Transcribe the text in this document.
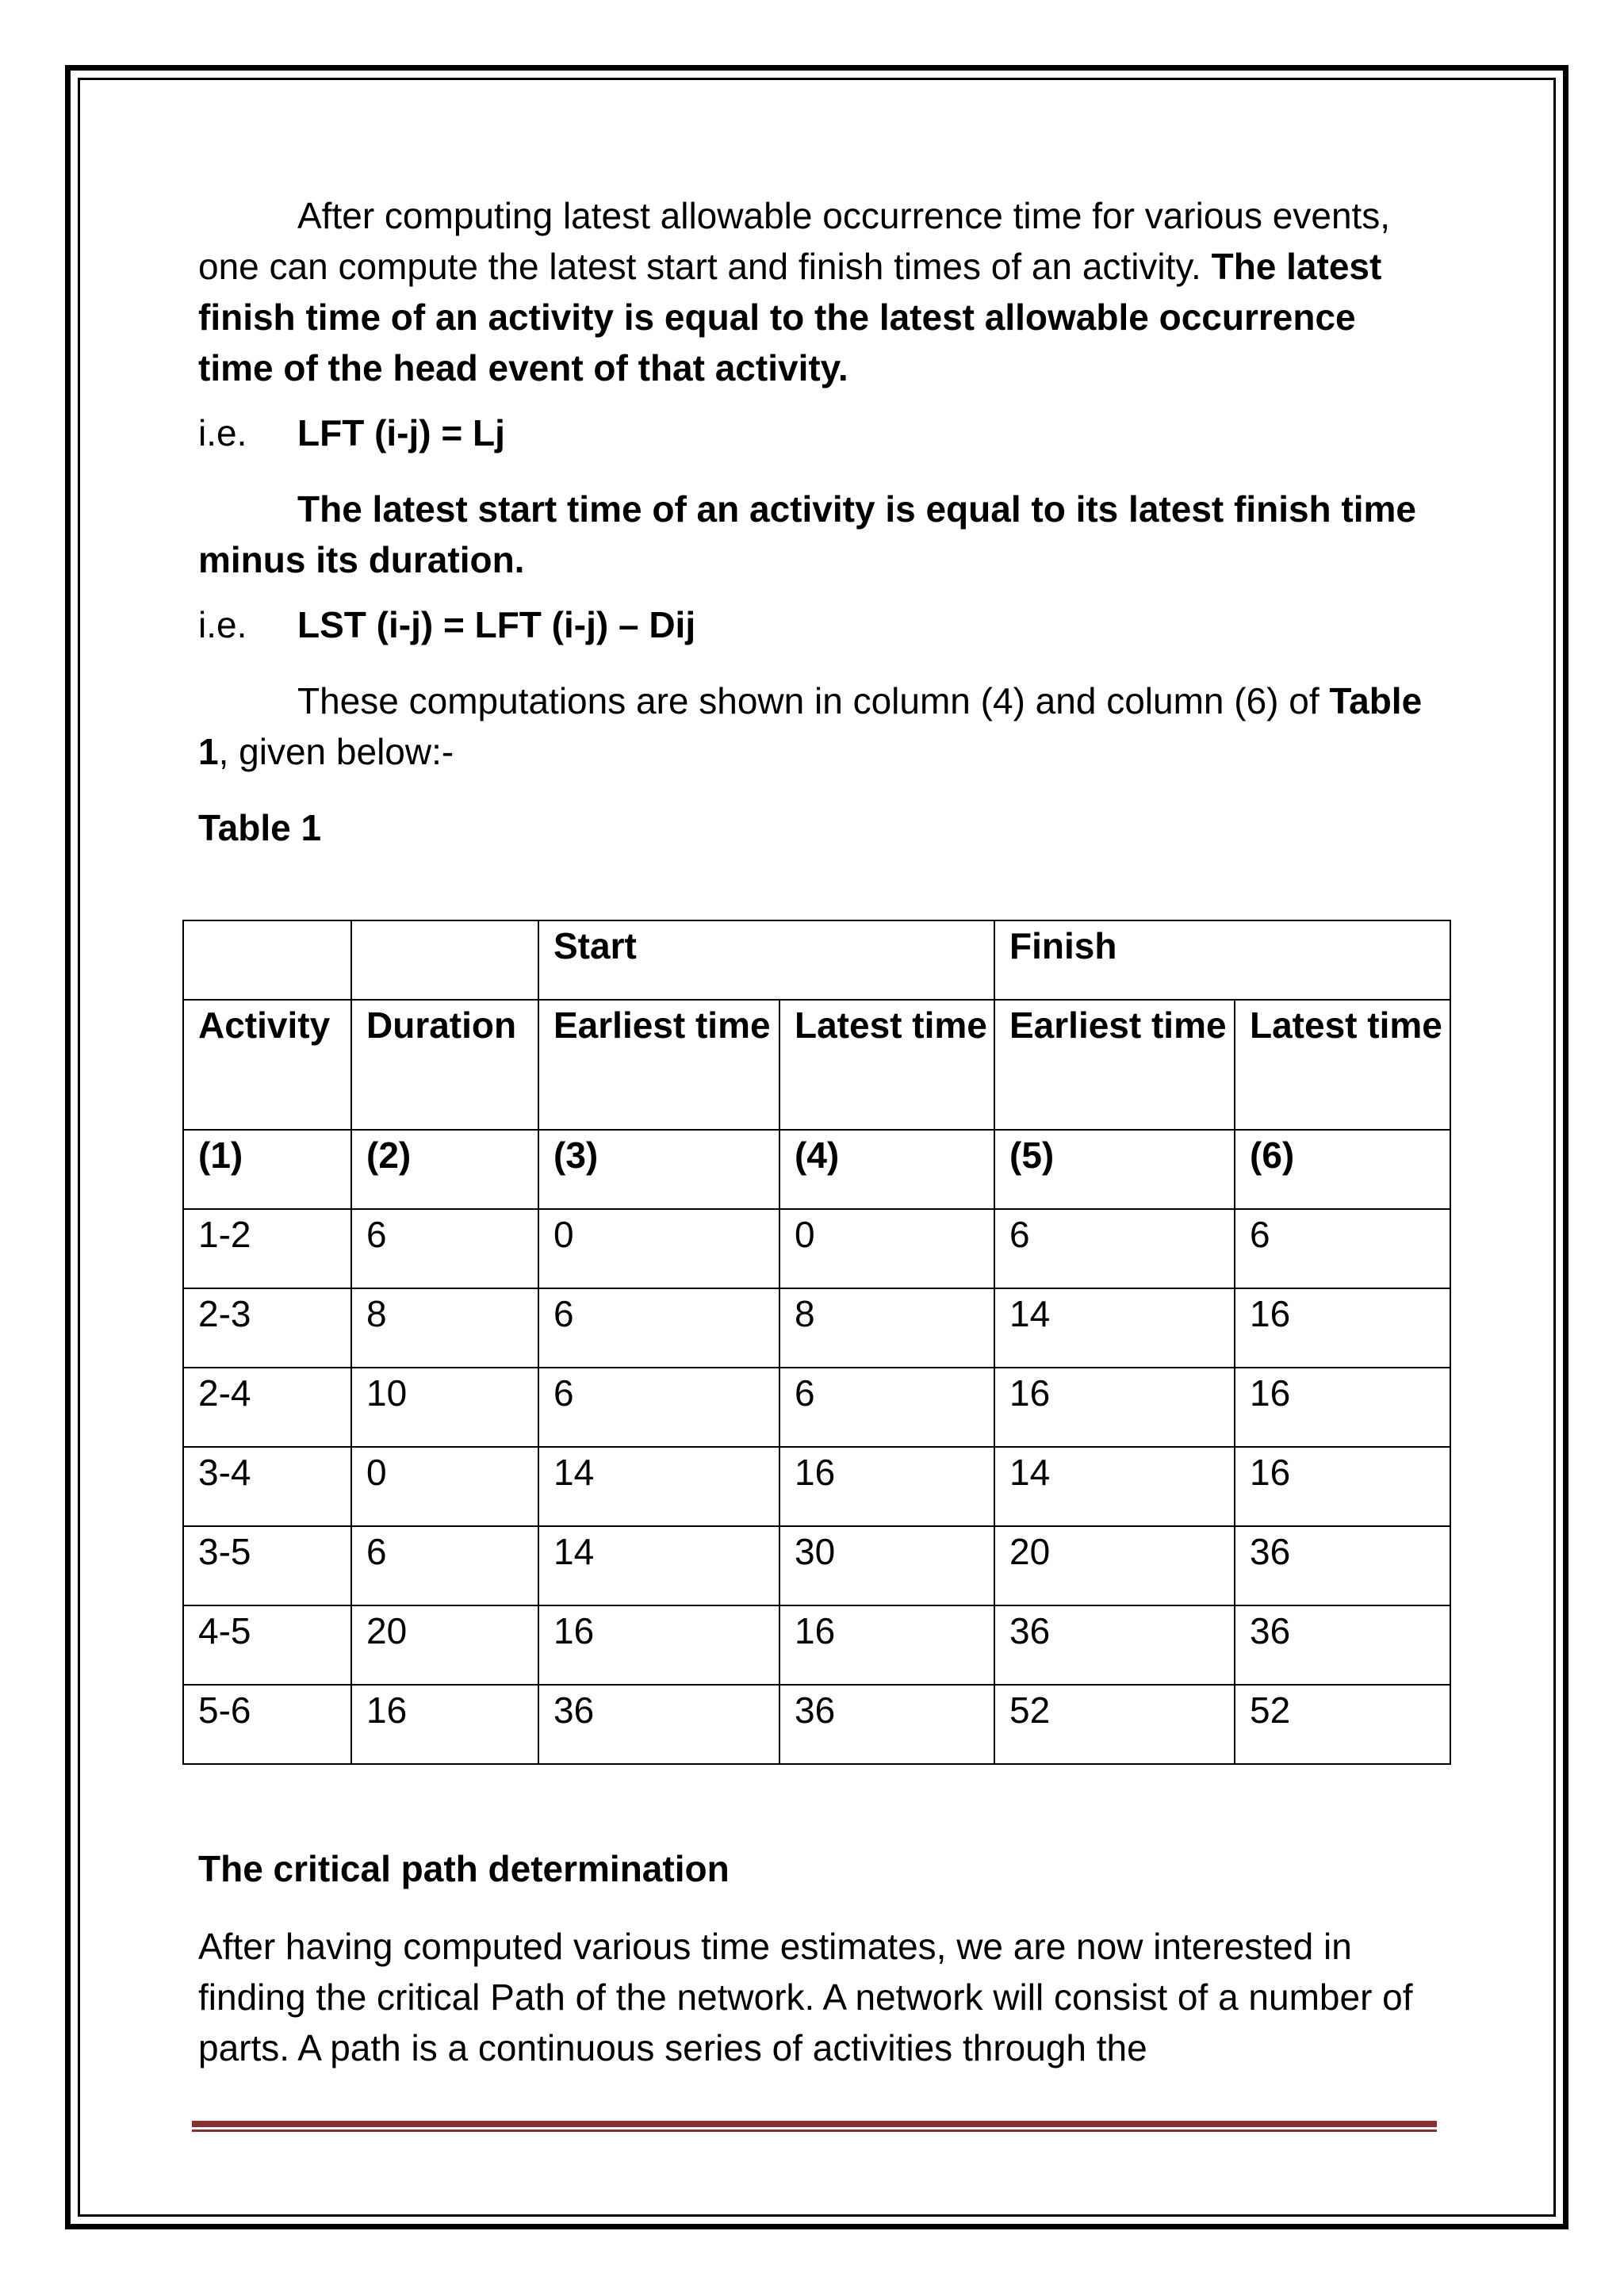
After computing latest allowable occurrence time for various events, one can compute the latest start and finish times of an activity. The latest finish time of an activity is equal to the latest allowable occurrence time of the head event of that activity.

i.e.	LFT (i-j) = Lj

The latest start time of an activity is equal to its latest finish time minus its duration.

i.e.	LST (i-j) = LFT (i-j) – Dij

These computations are shown in column (4) and column (6) of Table 1, given below:-

Table 1

		Start		Finish	
Activity	Duration	Earliest time	Latest time	Earliest time	Latest time
(1)	(2)	(3)	(4)	(5)	(6)
1-2	6	0	0	6	6
2-3	8	6	8	14	16
2-4	10	6	6	16	16
3-4	0	14	16	14	16
3-5	6	14	30	20	36
4-5	20	16	16	36	36
5-6	16	36	36	52	52

The critical path determination

After having computed various time estimates, we are now interested in finding the critical Path of the network. A network will consist of a number of parts. A path is a continuous series of activities through the
